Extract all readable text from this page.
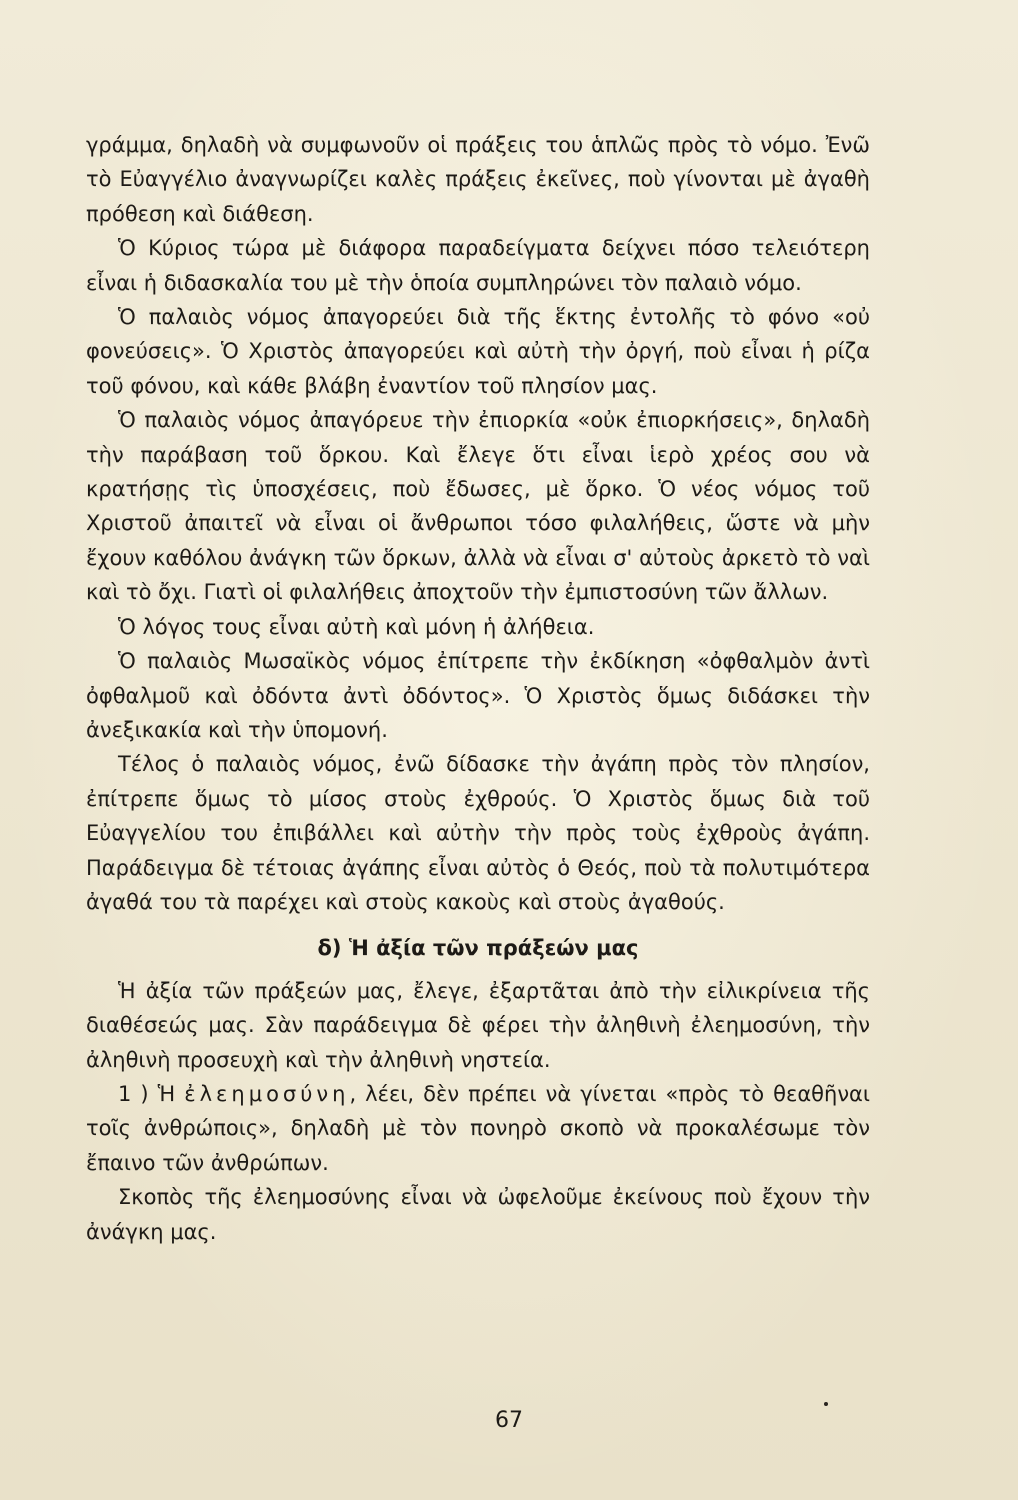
γράμμα, δηλαδὴ νὰ συμφωνοῦν οἱ πράξεις του ἁπλῶς πρὸς τὸ νόμο. Ἐνῶ τὸ Εὐαγγέλιο ἀναγνωρίζει καλὲς πράξεις ἐκεῖνες, ποὺ γίνονται μὲ ἀγαθὴ πρόθεση καὶ διάθεση.

Ὁ Κύριος τώρα μὲ διάφορα παραδείγματα δείχνει πόσο τελειότερη εἶναι ἡ διδασκαλία του μὲ τὴν ὁποία συμπληρώνει τὸν παλαιὸ νόμο.

Ὁ παλαιὸς νόμος ἀπαγορεύει διὰ τῆς ἕκτης ἐντολῆς τὸ φόνο «οὐ φονεύσεις». Ὁ Χριστὸς ἀπαγορεύει καὶ αὐτὴ τὴν ὀργή, ποὺ εἶναι ἡ ρίζα τοῦ φόνου, καὶ κάθε βλάβη ἐναντίον τοῦ πλησίον μας.

Ὁ παλαιὸς νόμος ἀπαγόρευε τὴν ἐπιορκία «οὐκ ἐπιορκήσεις», δηλαδὴ τὴν παράβαση τοῦ ὅρκου. Καὶ ἔλεγε ὅτι εἶναι ἱερὸ χρέος σου νὰ κρατήσῃς τὶς ὑποσχέσεις, ποὺ ἔδωσες, μὲ ὅρκο. Ὁ νέος νόμος τοῦ Χριστοῦ ἀπαιτεῖ νὰ εἶναι οἱ ἄνθρωποι τόσο φιλαλήθεις, ὥστε νὰ μὴν ἔχουν καθόλου ἀνάγκη τῶν ὅρκων, ἀλλὰ νὰ εἶναι σ' αὐτοὺς ἀρκετὸ τὸ ναὶ καὶ τὸ ὄχι. Γιατὶ οἱ φιλαλήθεις ἀποχτοῦν τὴν ἐμπιστοσύνη τῶν ἄλλων.

Ὁ λόγος τους εἶναι αὐτὴ καὶ μόνη ἡ ἀλήθεια.

Ὁ παλαιὸς Μωσαϊκὸς νόμος ἐπίτρεπε τὴν ἐκδίκηση «ὀφθαλμὸν ἀντὶ ὀφθαλμοῦ καὶ ὀδόντα ἀντὶ ὀδόντος». Ὁ Χριστὸς ὅμως διδάσκει τὴν ἀνεξικακία καὶ τὴν ὑπομονή.

Τέλος ὁ παλαιὸς νόμος, ἐνῶ δίδασκε τὴν ἀγάπη πρὸς τὸν πλησίον, ἐπίτρεπε ὅμως τὸ μίσος στοὺς ἐχθρούς. Ὁ Χριστὸς ὅμως διὰ τοῦ Εὐαγγελίου του ἐπιβάλλει καὶ αὐτὴν τὴν πρὸς τοὺς ἐχθροὺς ἀγάπη. Παράδειγμα δὲ τέτοιας ἀγάπης εἶναι αὐτὸς ὁ Θεός, ποὺ τὰ πολυτιμότερα ἀγαθά του τὰ παρέχει καὶ στοὺς κακοὺς καὶ στοὺς ἀγαθούς.

δ) Ἡ ἀξία τῶν πράξεών μας

Ἡ ἀξία τῶν πράξεών μας, ἔλεγε, ἐξαρτᾶται ἀπὸ τὴν εἰλικρίνεια τῆς διαθέσεώς μας. Σὰν παράδειγμα δὲ φέρει τὴν ἀληθινὴ ἐλεημοσύνη, τὴν ἀληθινὴ προσευχὴ καὶ τὴν ἀληθινὴ νηστεία.

1 ) Ἡ ἐλεημοσύνη, λέει, δὲν πρέπει νὰ γίνεται «πρὸς τὸ θεαθῆναι τοῖς ἀνθρώποις», δηλαδὴ μὲ τὸν πονηρὸ σκοπὸ νὰ προκαλέσωμε τὸν ἔπαινο τῶν ἀνθρώπων.

Σκοπὸς τῆς ἐλεημοσύνης εἶναι νὰ ὠφελοῦμε ἐκείνους ποὺ ἔχουν τὴν ἀνάγκη μας.

67
